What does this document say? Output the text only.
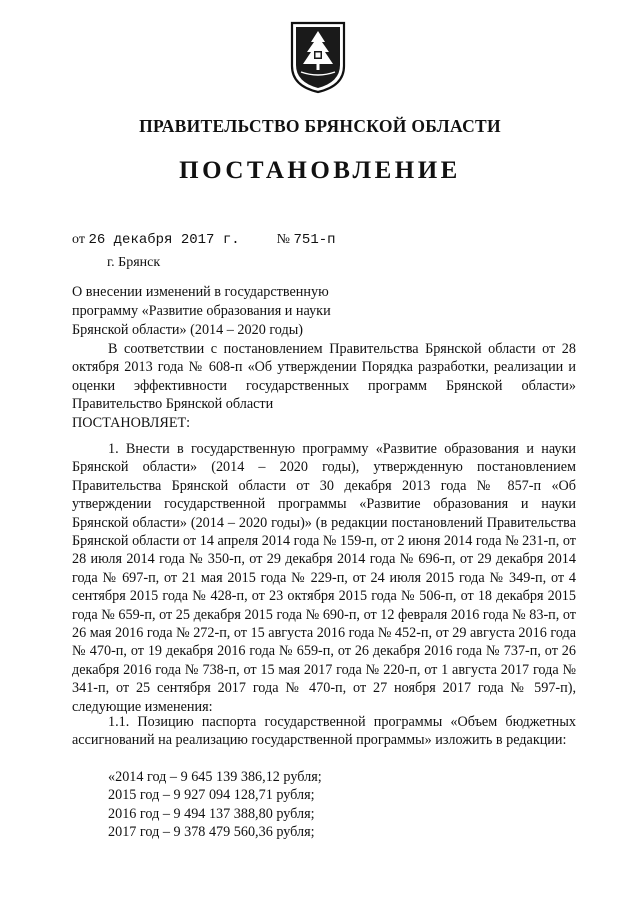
ПРАВИТЕЛЬСТВО БРЯНСКОЙ ОБЛАСТИ
ПОСТАНОВЛЕНИЕ
от 26 декабря 2017 г.	№ 751-п
г. Брянск
О внесении изменений в государственную
программу «Развитие образования и науки
Брянской области» (2014 – 2020 годы)

В соответствии с постановлением Правительства Брянской области от 28 октября 2013 года № 608-п «Об утверждении Порядка разработки, реализации и оценки эффективности государственных программ Брянской области» Правительство Брянской области

ПОСТАНОВЛЯЕТ:

1. Внести в государственную программу «Развитие образования и науки Брянской области» (2014 – 2020 годы), утвержденную постановлением Правительства Брянской области от 30 декабря 2013 года № 857-п «Об утверждении государственной программы «Развитие образования и науки Брянской области» (2014 – 2020 годы)» (в редакции постановлений Правительства Брянской области от 14 апреля 2014 года № 159-п, от 2 июня 2014 года № 231-п, от 28 июля 2014 года № 350-п, от 29 декабря 2014 года № 696-п, от 29 декабря 2014 года № 697-п, от 21 мая 2015 года № 229-п, от 24 июля 2015 года № 349-п, от 4 сентября 2015 года № 428-п, от 23 октября 2015 года № 506-п, от 18 декабря 2015 года № 659-п, от 25 декабря 2015 года № 690-п, от 12 февраля 2016 года № 83-п, от 26 мая 2016 года № 272-п, от 15 августа 2016 года № 452-п, от 29 августа 2016 года № 470-п, от 19 декабря 2016 года № 659-п, от 26 декабря 2016 года № 737-п, от 26 декабря 2016 года № 738-п, от 15 мая 2017 года № 220-п, от 1 августа 2017 года № 341-п, от 25 сентября 2017 года № 470-п, от 27 ноября 2017 года № 597-п), следующие изменения:

1.1. Позицию паспорта государственной программы «Объем бюджетных ассигнований на реализацию государственной программы» изложить в редакции:

«2014 год – 9 645 139 386,12 рубля;
2015 год – 9 927 094 128,71 рубля;
2016 год – 9 494 137 388,80 рубля;
2017 год – 9 378 479 560,36 рубля;
